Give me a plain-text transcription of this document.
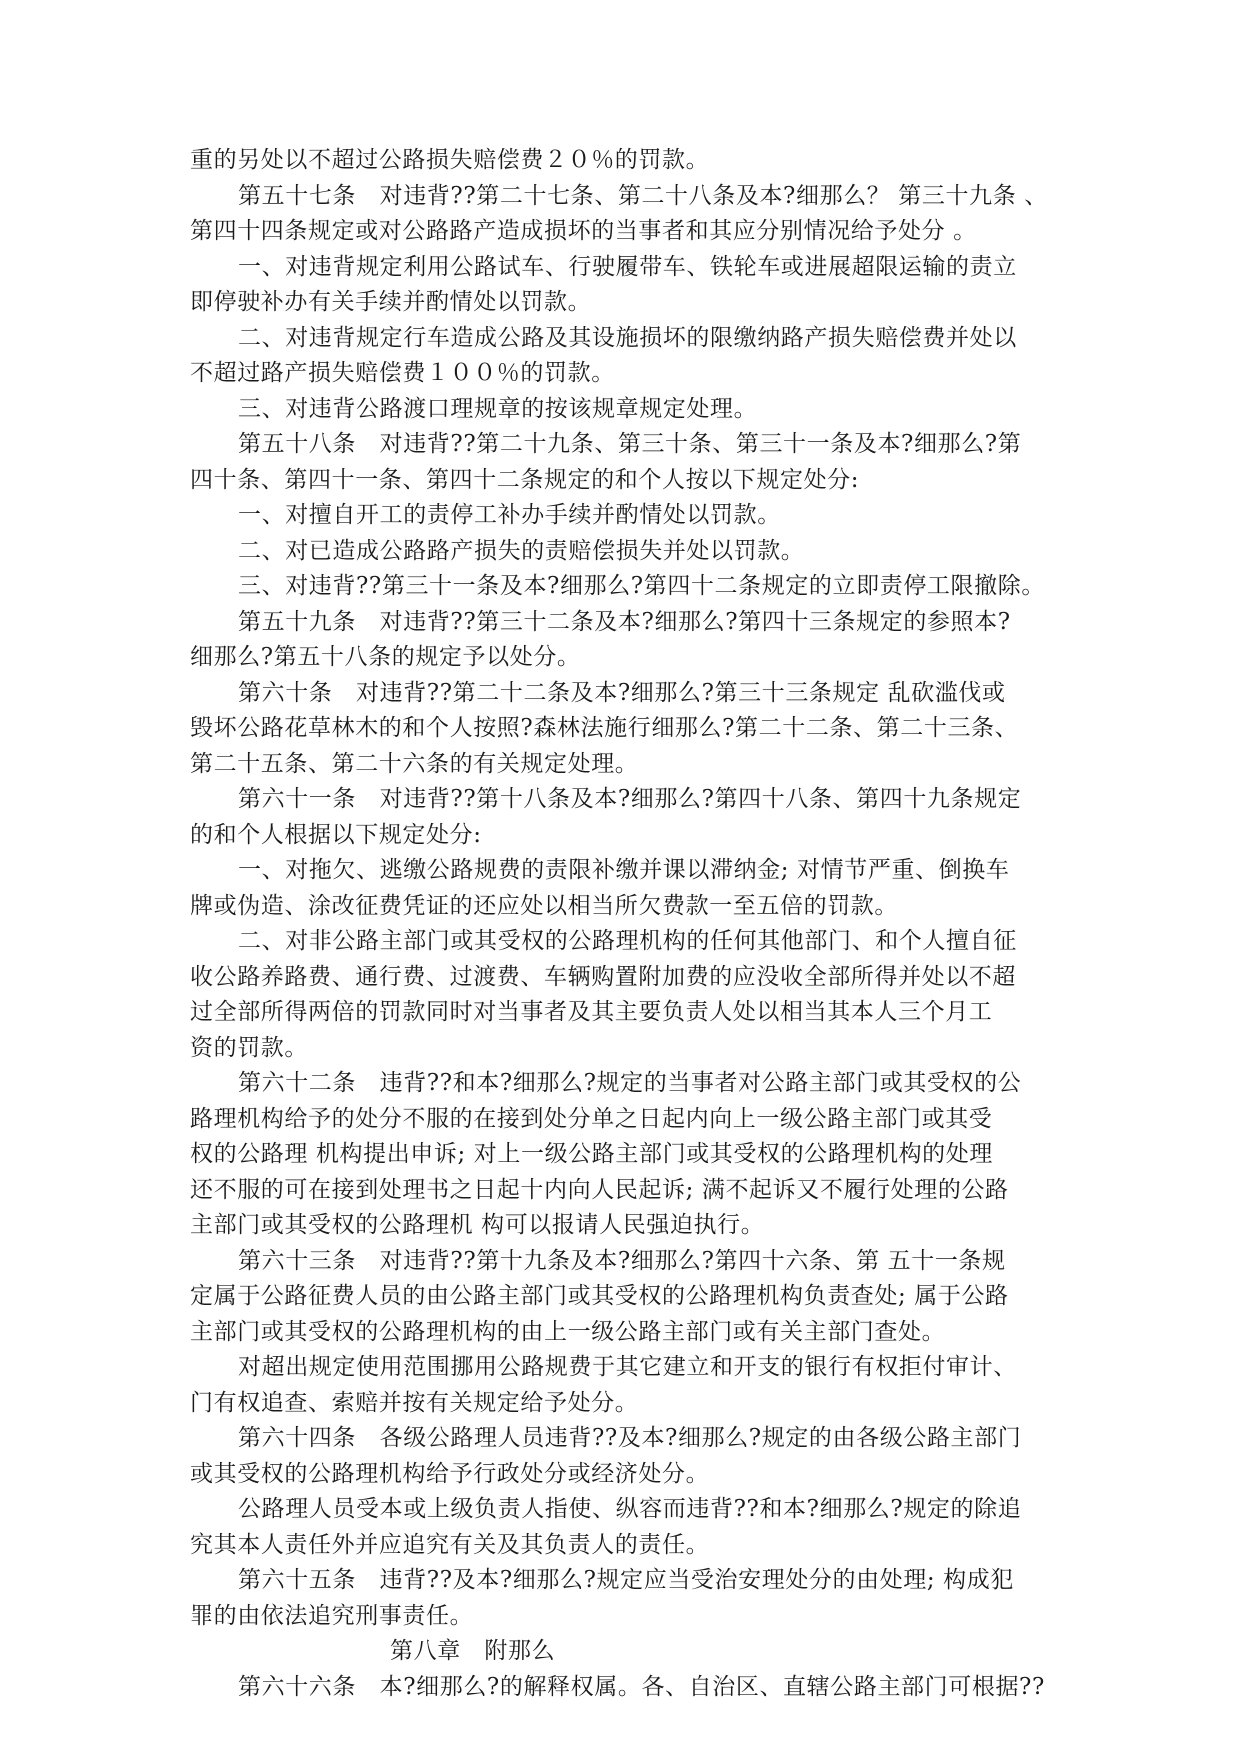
重的另处以不超过公路损失赔偿费２０％的罚款。
第五十七条　对违背??第二十七条、第二十八条及本?细那么？ 第三十九条 、
第四十四条规定或对公路路产造成损坏的当事者和其应分别情况给予处分 。
一、对违背规定利用公路试车、行驶履带车、铁轮车或进展超限运输的责立
即停驶补办有关手续并酌情处以罚款。
二、对违背规定行车造成公路及其设施损坏的限缴纳路产损失赔偿费并处以
不超过路产损失赔偿费１００％的罚款。
三、对违背公路渡口理规章的按该规章规定处理。
第五十八条　对违背??第二十九条、第三十条、第三十一条及本?细那么?第
四十条、第四十一条、第四十二条规定的和个人按以下规定处分:
一、对擅自开工的责停工补办手续并酌情处以罚款。
二、对已造成公路路产损失的责赔偿损失并处以罚款。
三、对违背??第三十一条及本?细那么?第四十二条规定的立即责停工限撤除。
第五十九条　对违背??第三十二条及本?细那么?第四十三条规定的参照本?
细那么?第五十八条的规定予以处分。
第六十条　对违背??第二十二条及本?细那么?第三十三条规定 乱砍滥伐或
毁坏公路花草林木的和个人按照?森林法施行细那么?第二十二条、第二十三条、
第二十五条、第二十六条的有关规定处理。
第六十一条　对违背??第十八条及本?细那么?第四十八条、第四十九条规定
的和个人根据以下规定处分:
一、对拖欠、逃缴公路规费的责限补缴并课以滞纳金; 对情节严重、倒换车
牌或伪造、涂改征费凭证的还应处以相当所欠费款一至五倍的罚款。
二、对非公路主部门或其受权的公路理机构的任何其他部门、和个人擅自征
收公路养路费、通行费、过渡费、车辆购置附加费的应没收全部所得并处以不超
过全部所得两倍的罚款同时对当事者及其主要负责人处以相当其本人三个月工
资的罚款。
第六十二条　违背??和本?细那么?规定的当事者对公路主部门或其受权的公
路理机构给予的处分不服的在接到处分单之日起内向上一级公路主部门或其受
权的公路理 机构提出申诉; 对上一级公路主部门或其受权的公路理机构的处理
还不服的可在接到处理书之日起十内向人民起诉; 满不起诉又不履行处理的公路
主部门或其受权的公路理机 构可以报请人民强迫执行。
第六十三条　对违背??第十九条及本?细那么?第四十六条、第 五十一条规
定属于公路征费人员的由公路主部门或其受权的公路理机构负责查处; 属于公路
主部门或其受权的公路理机构的由上一级公路主部门或有关主部门查处。
对超出规定使用范围挪用公路规费于其它建立和开支的银行有权拒付审计、
门有权追查、索赔并按有关规定给予处分。
第六十四条　各级公路理人员违背??及本?细那么?规定的由各级公路主部门
或其受权的公路理机构给予行政处分或经济处分。
公路理人员受本或上级负责人指使、纵容而违背??和本?细那么?规定的除追
究其本人责任外并应追究有关及其负责人的责任。
第六十五条　违背??及本?细那么?规定应当受治安理处分的由处理; 构成犯
罪的由依法追究刑事责任。
第八章　附那么
第六十六条　本?细那么?的解释权属。各、自治区、直辖公路主部门可根据??
